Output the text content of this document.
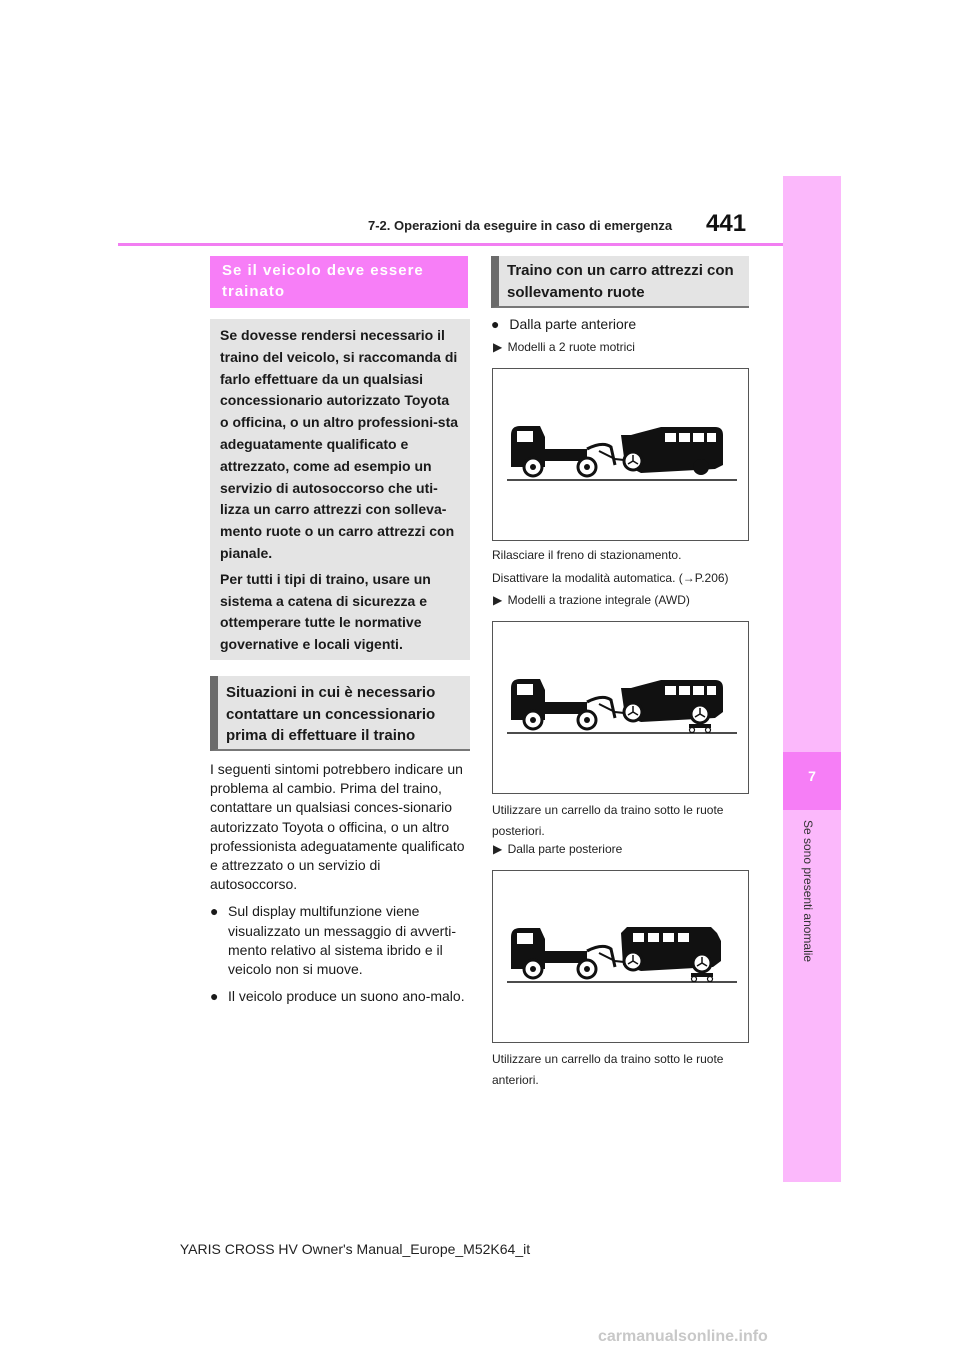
7-2. Operazioni da eseguire in caso di emergenza 441
7
Se sono presenti anomalie
Se il veicolo deve essere trainato

Se dovesse rendersi necessario il traino del veicolo, si raccomanda di farlo effettuare da un qualsiasi concessionario autorizzato Toyota o officina, o un altro professioni-sta adeguatamente qualificato e attrezzato, come ad esempio un servizio di autosoccorso che uti-lizza un carro attrezzi con solleva-mento ruote o un carro attrezzi con pianale.

Per tutti i tipi di traino, usare un sistema a catena di sicurezza e ottemperare tutte le normative governative e locali vigenti.

Situazioni in cui è necessario contattare un concessionario prima di effettuare il traino
I seguenti sintomi potrebbero indicare un problema al cambio. Prima del traino, contattare un qualsiasi conces-sionario autorizzato Toyota o officina, o un altro professionista adeguatamente qualificato e attrezzato o un servizio di autosoccorso.
● Sul display multifunzione viene visualizzato un messaggio di avverti-mento relativo al sistema ibrido e il veicolo non si muove.
● Il veicolo produce un suono ano-malo.
Traino con un carro attrezzi con sollevamento ruote
● Dalla parte anteriore
▶ Modelli a 2 ruote motrici
Rilasciare il freno di stazionamento.
Disattivare la modalità automatica. (→P.206)
▶ Modelli a trazione integrale (AWD)
Utilizzare un carrello da traino sotto le ruote posteriori.
▶ Dalla parte posteriore
Utilizzare un carrello da traino sotto le ruote anteriori.
YARIS CROSS HV Owner's Manual_Europe_M52K64_it
carmanualsonline.info
